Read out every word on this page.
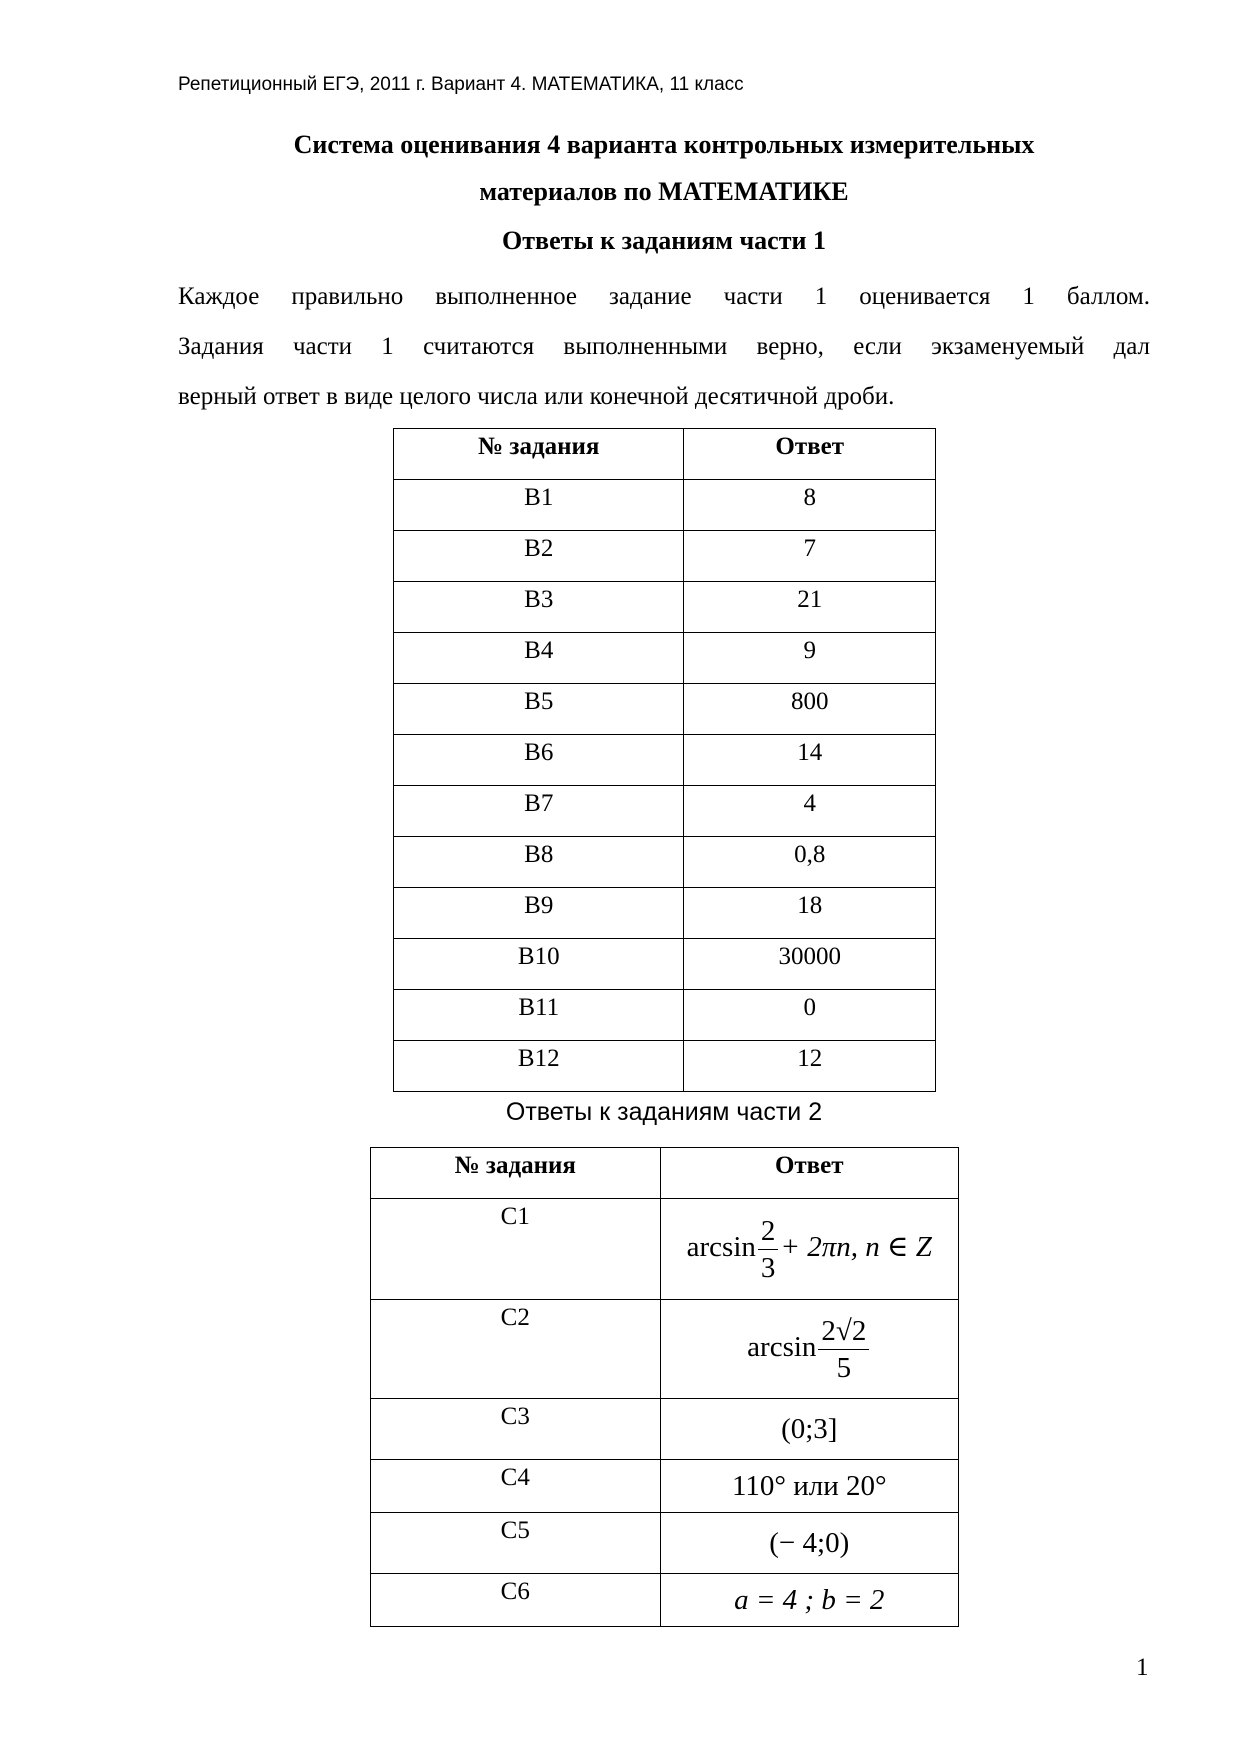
Репетиционный ЕГЭ, 2011 г. Вариант 4. МАТЕМАТИКА, 11 класс
Система оценивания 4 варианта контрольных измерительных
материалов по МАТЕМАТИКЕ
Ответы к заданиям части 1
Каждое правильно выполненное задание части 1 оценивается 1 баллом.
Задания части 1 считаются выполненными верно, если экзаменуемый дал
верный ответ в виде целого числа или конечной десятичной дроби.
№ задания	Ответ
B1	8
B2	7
B3	21
B4	9
B5	800
B6	14
B7	4
B8	0,8
B9	18
B10	30000
B11	0
B12	12
Ответы к заданиям части 2
№ задания	Ответ
C1	$\arcsin \frac{2}{3} + 2\pi n$, n ∈ Z
C2	$\arcsin \frac{2√2}{5}$

C3	(0;3]
C4	110° или 20°
C5	(− 4;0)
C6	a = 4 ; b = 2
1
